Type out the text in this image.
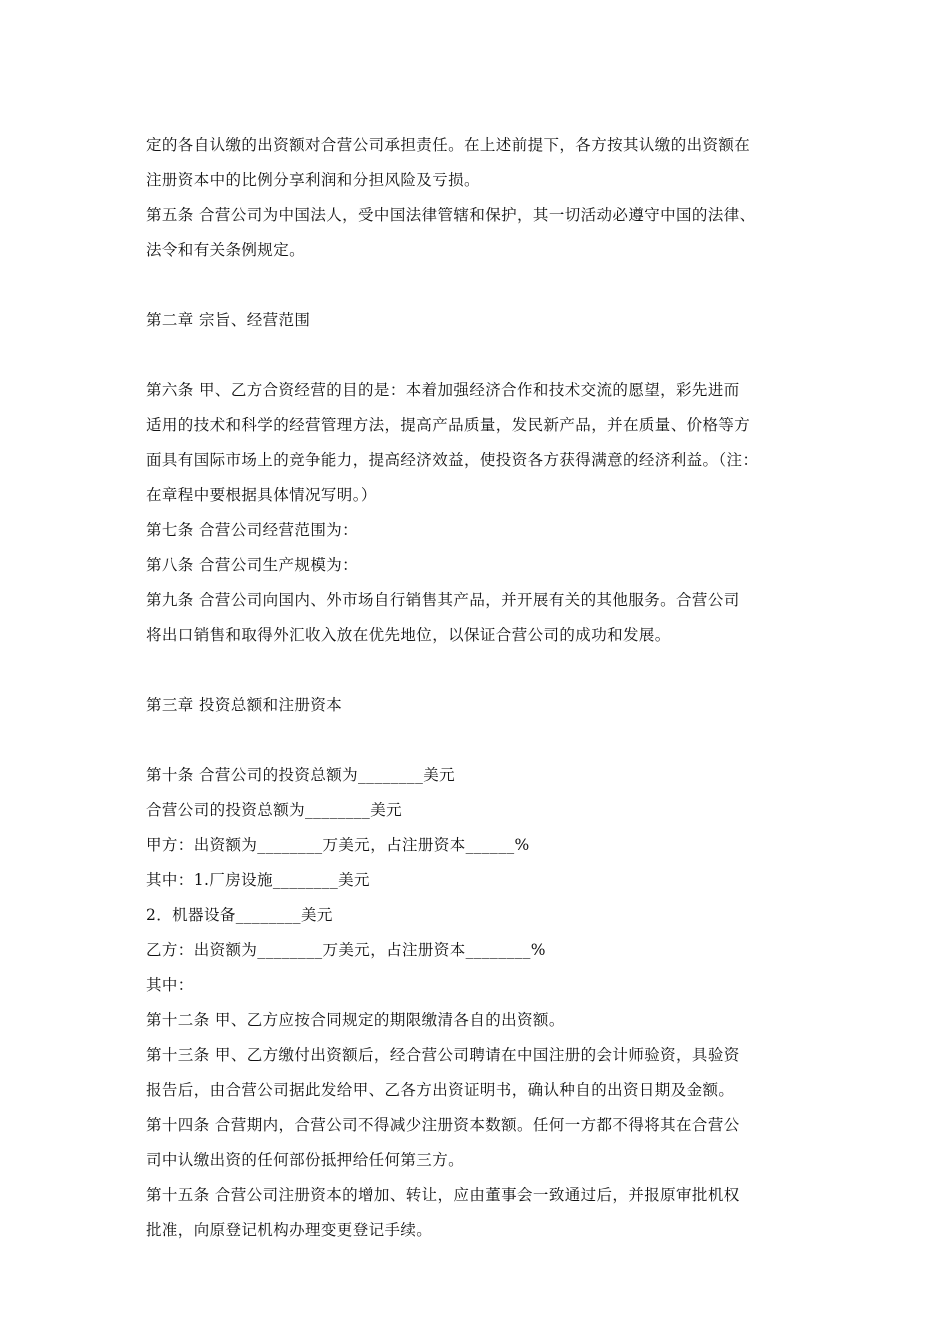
定的各自认缴的出资额对合营公司承担责任。在上述前提下，各方按其认缴的出资额在
注册资本中的比例分享利润和分担风险及亏损。
第五条 合营公司为中国法人，受中国法律管辖和保护，其一切活动必遵守中国的法律、
法令和有关条例规定。
第二章 宗旨、经营范围
第六条 甲、乙方合资经营的目的是：本着加强经济合作和技术交流的愿望，彩先进而
适用的技术和科学的经营管理方法，提高产品质量，发民新产品，并在质量、价格等方
面具有国际市场上的竞争能力，提高经济效益，使投资各方获得满意的经济利益。（注：
在章程中要根据具体情况写明。）
第七条 合营公司经营范围为：
第八条 合营公司生产规模为：
第九条 合营公司向国内、外市场自行销售其产品，并开展有关的其他服务。合营公司
将出口销售和取得外汇收入放在优先地位，以保证合营公司的成功和发展。
第三章 投资总额和注册资本
第十条 合营公司的投资总额为________美元
合营公司的投资总额为________美元
甲方：出资额为________万美元，占注册资本______%
其中：1.厂房设施________美元
2．机器设备________美元
乙方：出资额为________万美元，占注册资本________%
其中：
第十二条 甲、乙方应按合同规定的期限缴清各自的出资额。
第十三条 甲、乙方缴付出资额后，经合营公司聘请在中国注册的会计师验资，具验资
报告后，由合营公司据此发给甲、乙各方出资证明书，确认种自的出资日期及金额。
第十四条 合营期内，合营公司不得减少注册资本数额。任何一方都不得将其在合营公
司中认缴出资的任何部份抵押给任何第三方。
第十五条 合营公司注册资本的增加、转让，应由董事会一致通过后，并报原审批机权
批准，向原登记机构办理变更登记手续。
